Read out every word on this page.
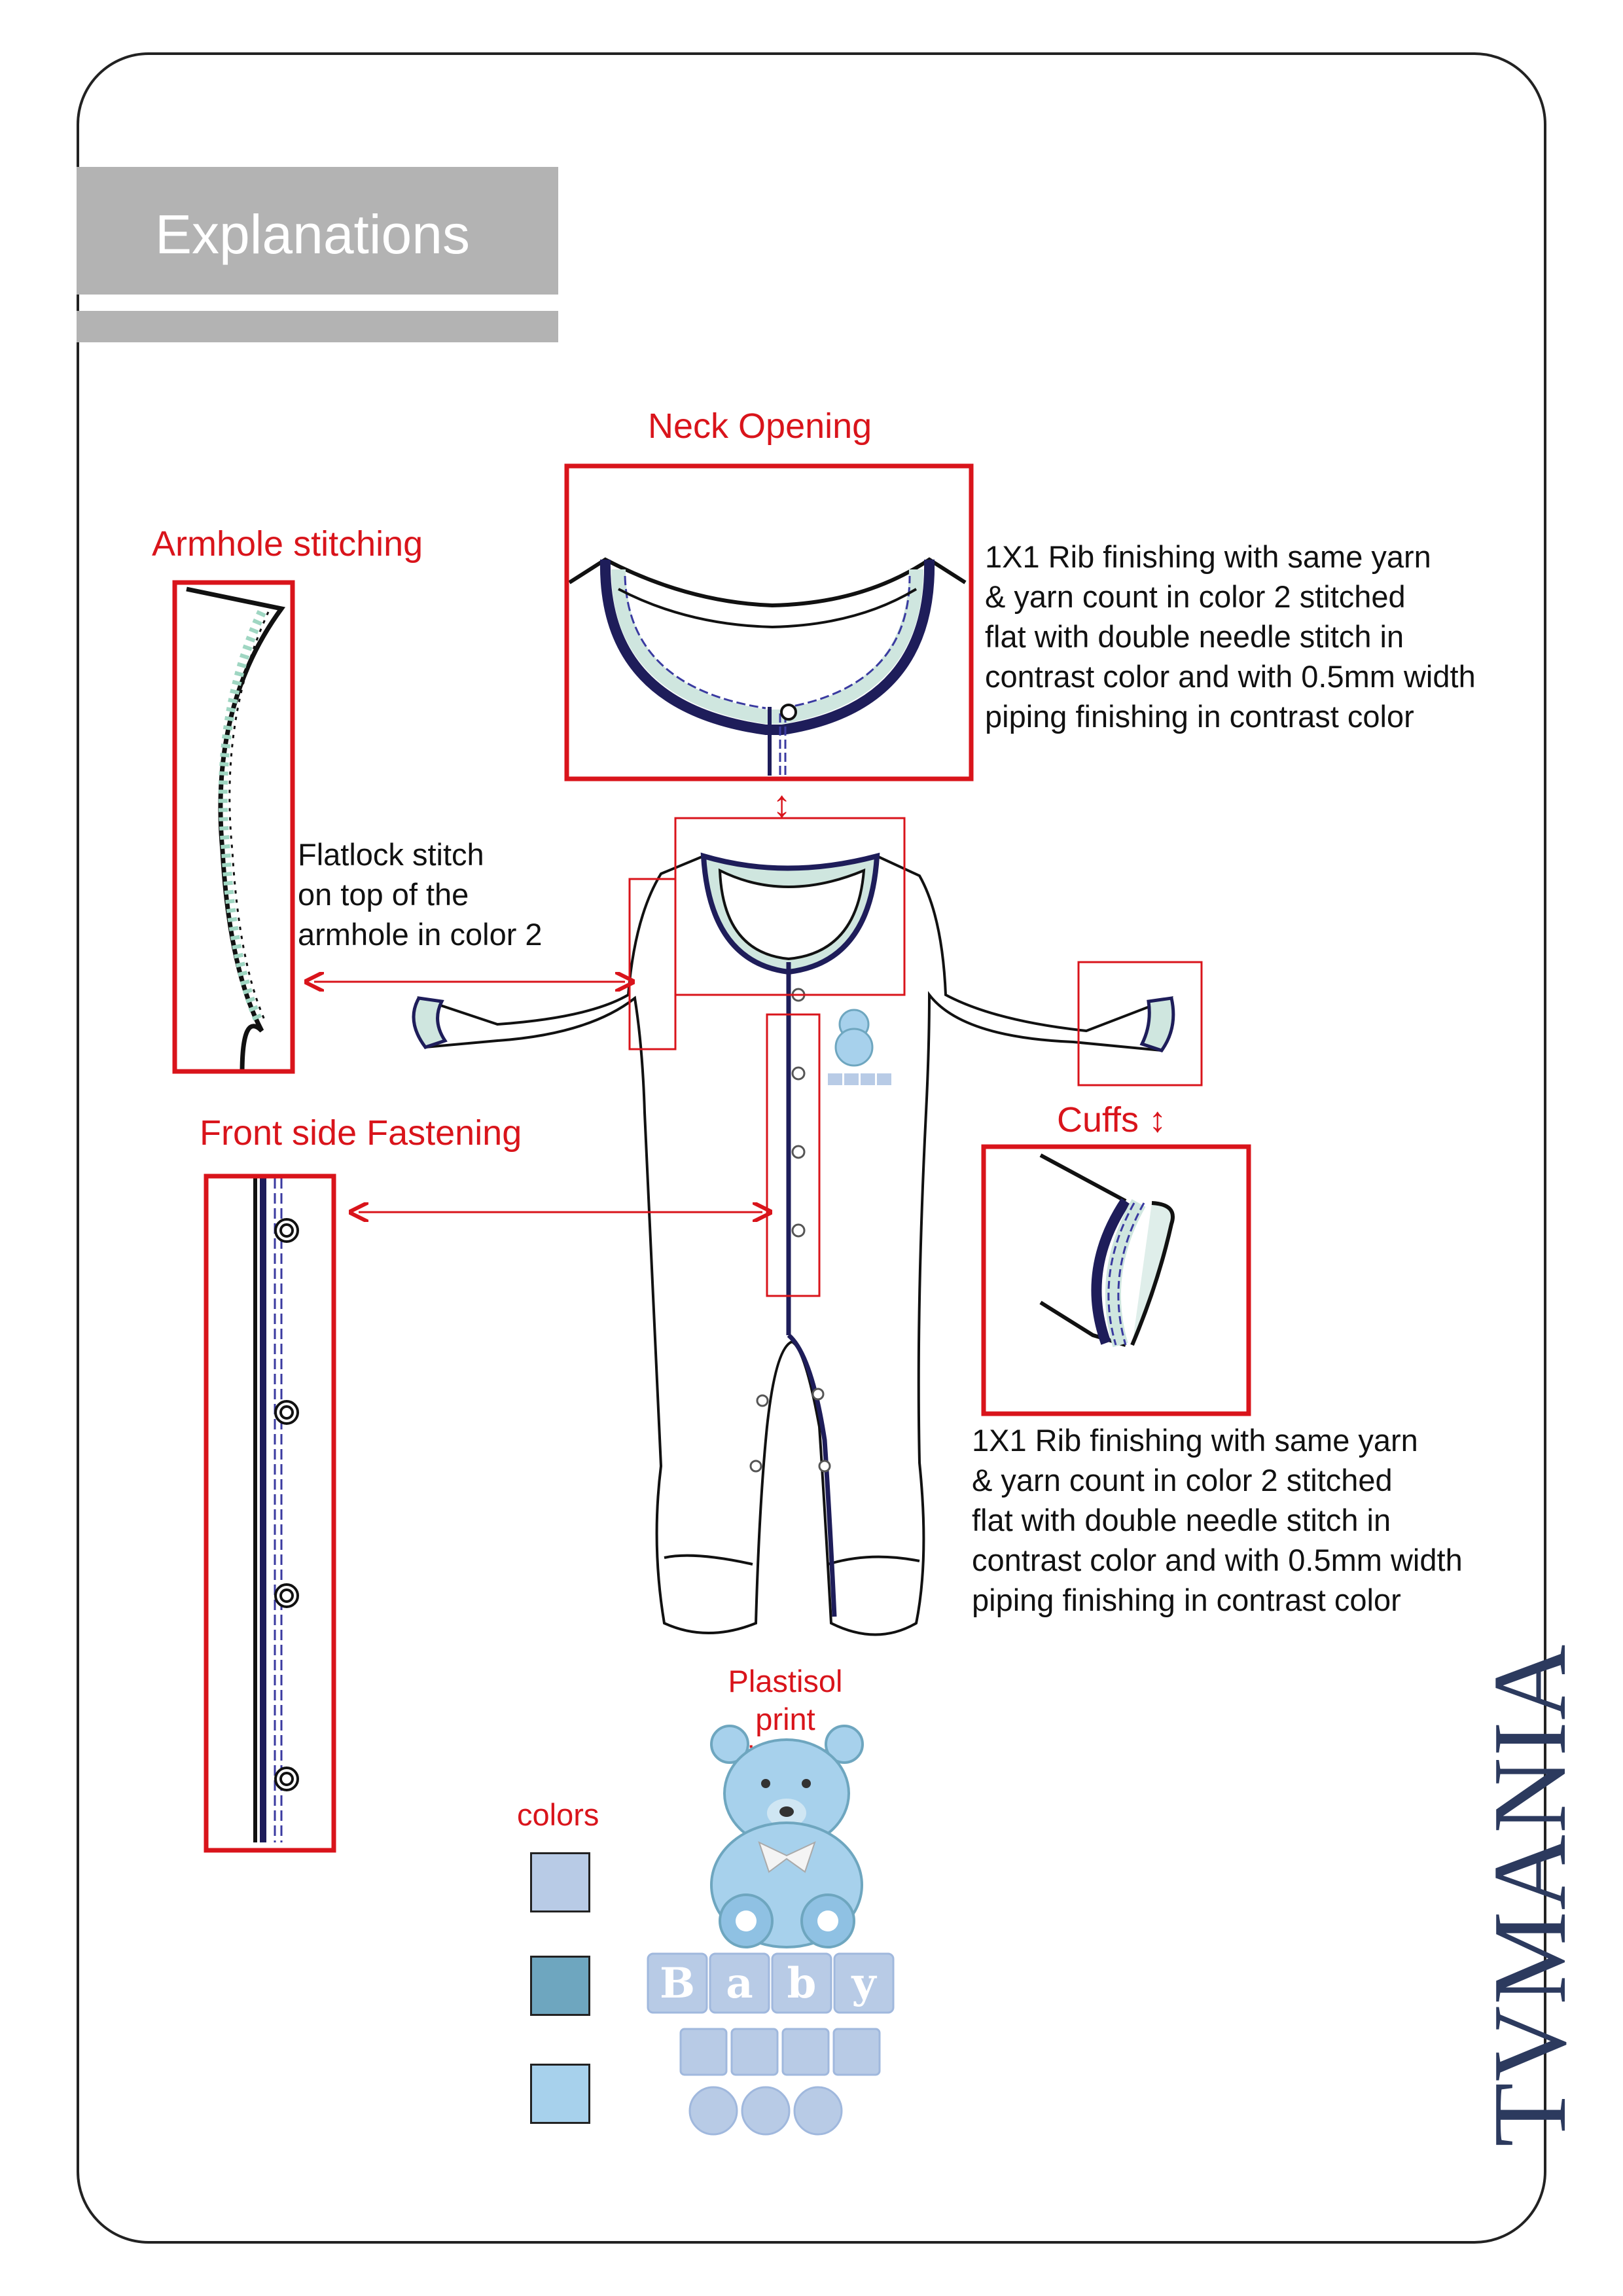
Explanations
Neck Opening
Armhole stitching
Front side Fastening	Cuffs ↕
↕
Plastisol print
colors
1X1 Rib finishing with same yarn
& yarn count in color 2 stitched
flat with double needle stitch in
contrast color and with 0.5mm width
piping finishing in contrast color
Flatlock stitch
on top of the
armhole in color 2
1X1 Rib finishing with same yarn
& yarn count in color 2 stitched
flat with double needle stitch in
contrast color and with 0.5mm width
piping finishing in contrast color
B a b y	TVMANIA
